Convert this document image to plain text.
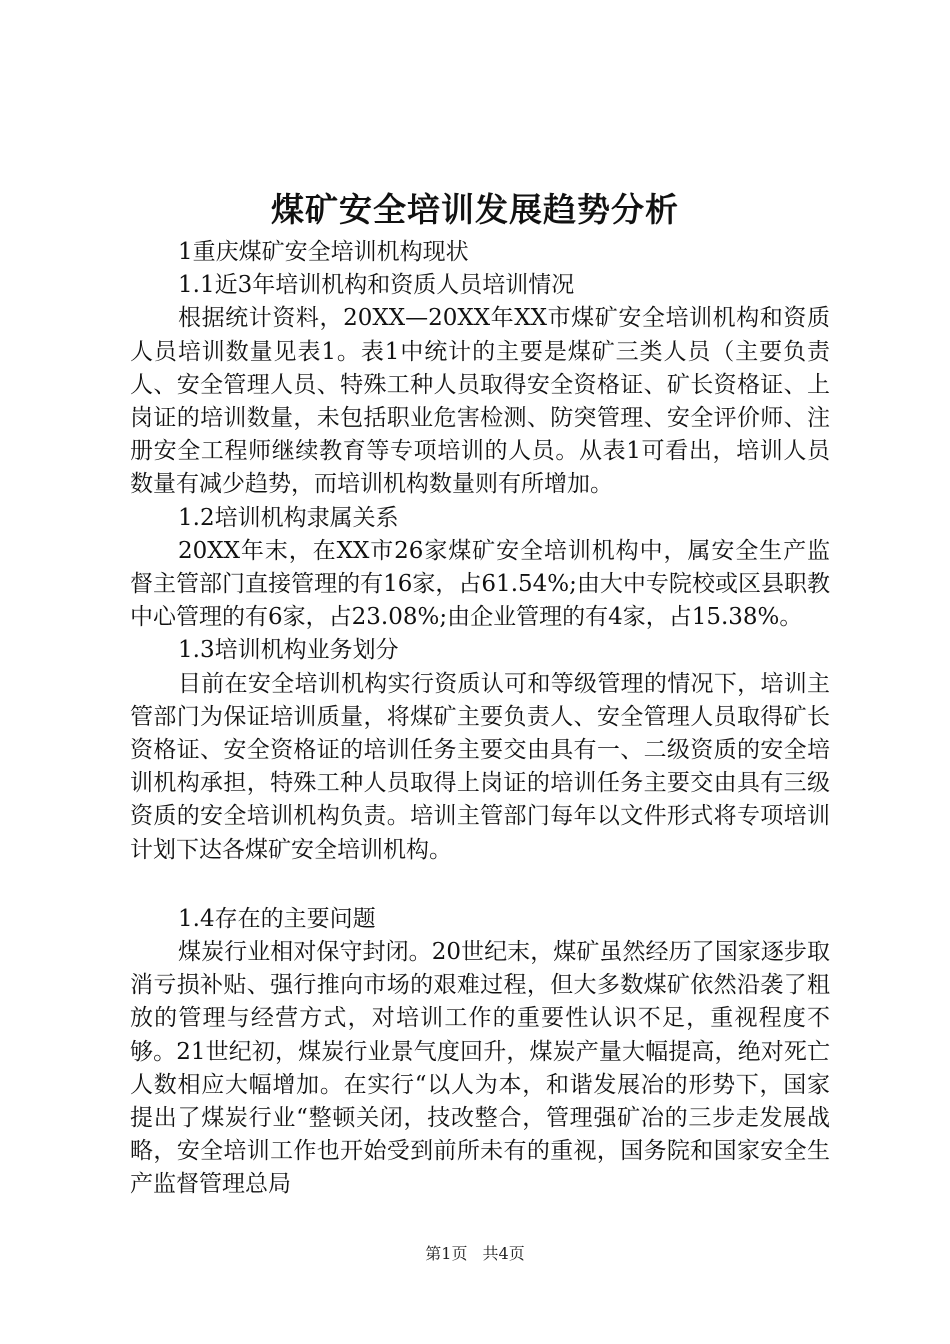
煤矿安全培训发展趋势分析

1重庆煤矿安全培训机构现状

1.1近3年培训机构和资质人员培训情况

根据统计资料，20XX—20XX年XX市煤矿安全培训机构和资质人员培训数量见表1。表1中统计的主要是煤矿三类人员（主要负责人、安全管理人员、特殊工种人员取得安全资格证、矿长资格证、上岗证的培训数量，未包括职业危害检测、防突管理、安全评价师、注册安全工程师继续教育等专项培训的人员。从表1可看出，培训人员数量有减少趋势，而培训机构数量则有所增加。

1.2培训机构隶属关系

20XX年末，在XX市26家煤矿安全培训机构中，属安全生产监督主管部门直接管理的有16家，占61.54%;由大中专院校或区县职教中心管理的有6家，占23.08%;由企业管理的有4家，占15.38%。

1.3培训机构业务划分

目前在安全培训机构实行资质认可和等级管理的情况下，培训主管部门为保证培训质量，将煤矿主要负责人、安全管理人员取得矿长资格证、安全资格证的培训任务主要交由具有一、二级资质的安全培训机构承担，特殊工种人员取得上岗证的培训任务主要交由具有三级资质的安全培训机构负责。培训主管部门每年以文件形式将专项培训计划下达各煤矿安全培训机构。

1.4存在的主要问题

煤炭行业相对保守封闭。20世纪末，煤矿虽然经历了国家逐步取消亏损补贴、强行推向市场的艰难过程，但大多数煤矿依然沿袭了粗放的管理与经营方式，对培训工作的重要性认识不足，重视程度不够。21世纪初，煤炭行业景气度回升，煤炭产量大幅提高，绝对死亡人数相应大幅增加。在实行“以人为本，和谐发展冶的形势下，国家提出了煤炭行业“整顿关闭，技改整合，管理强矿冶的三步走发展战略，安全培训工作也开始受到前所未有的重视，国务院和国家安全生产监督管理总局

第1页 共4页
